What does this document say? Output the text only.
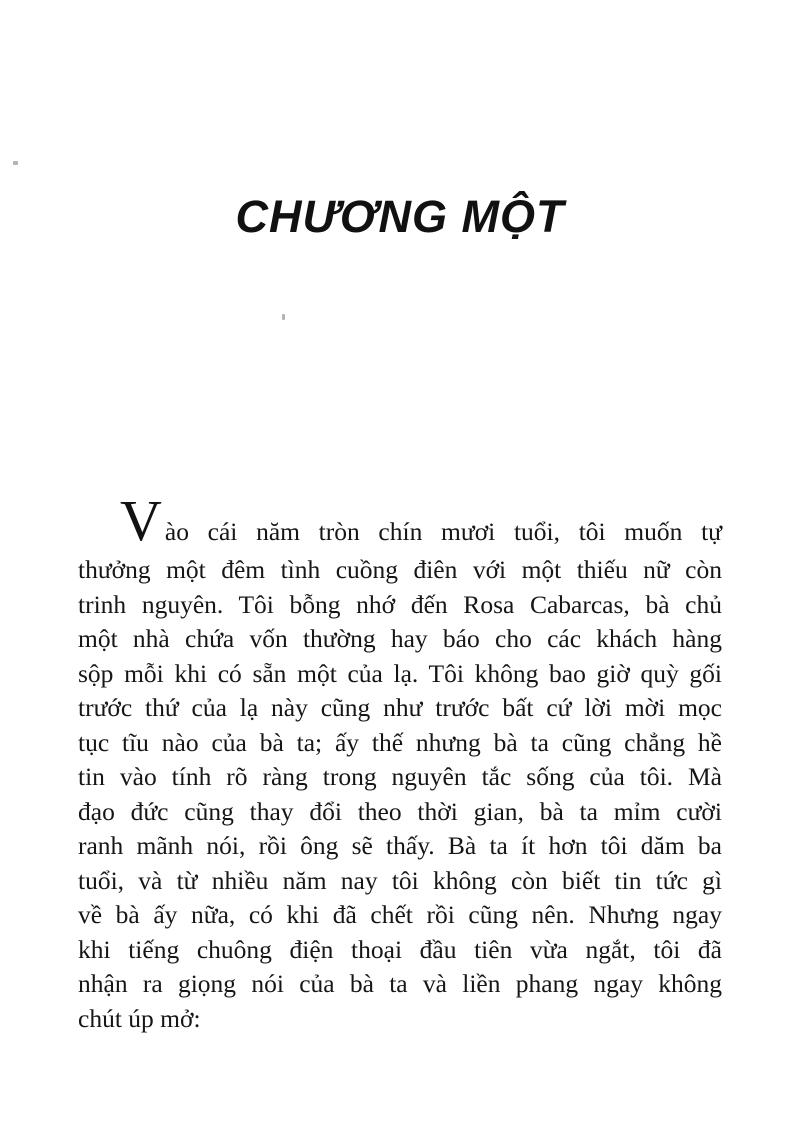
CHƯƠNG MỘT
Vào cái năm tròn chín mươi tuổi, tôi muốn tự
thưởng một đêm tình cuồng điên với một thiếu nữ còn
trinh nguyên. Tôi bỗng nhớ đến Rosa Cabarcas, bà chủ
một nhà chứa vốn thường hay báo cho các khách hàng
sộp mỗi khi có sẵn một của lạ. Tôi không bao giờ quỳ gối
trước thứ của lạ này cũng như trước bất cứ lời mời mọc
tục tĩu nào của bà ta; ấy thế nhưng bà ta cũng chẳng hề
tin vào tính rõ ràng trong nguyên tắc sống của tôi. Mà
đạo đức cũng thay đổi theo thời gian, bà ta mỉm cười
ranh mãnh nói, rồi ông sẽ thấy. Bà ta ít hơn tôi dăm ba
tuổi, và từ nhiều năm nay tôi không còn biết tin tức gì
về bà ấy nữa, có khi đã chết rồi cũng nên. Nhưng ngay
khi tiếng chuông điện thoại đầu tiên vừa ngắt, tôi đã
nhận ra giọng nói của bà ta và liền phang ngay không
chút úp mở:
